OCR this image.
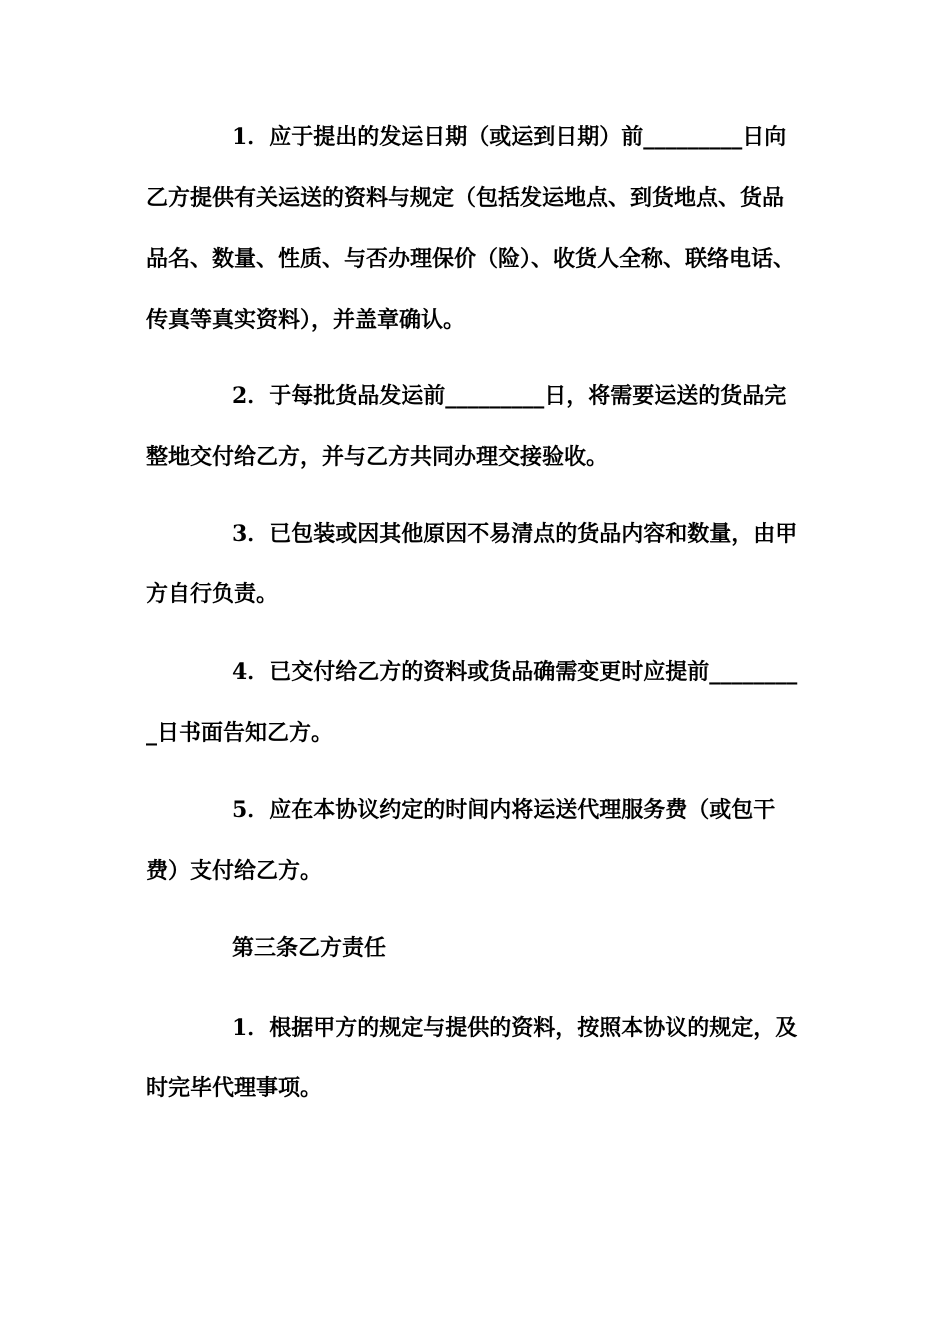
1．应于提出的发运日期（或运到日期）前_________日向
乙方提供有关运送的资料与规定（包括发运地点、到货地点、货品
品名、数量、性质、与否办理保价（险）、收货人全称、联络电话、
传真等真实资料），并盖章确认。
2．于每批货品发运前_________日，将需要运送的货品完
整地交付给乙方，并与乙方共同办理交接验收。
3．已包装或因其他原因不易清点的货品内容和数量，由甲
方自行负责。
4．已交付给乙方的资料或货品确需变更时应提前________
_日书面告知乙方。
5．应在本协议约定的时间内将运送代理服务费（或包干
费）支付给乙方。
第三条乙方责任
1．根据甲方的规定与提供的资料，按照本协议的规定，及
时完毕代理事项。
